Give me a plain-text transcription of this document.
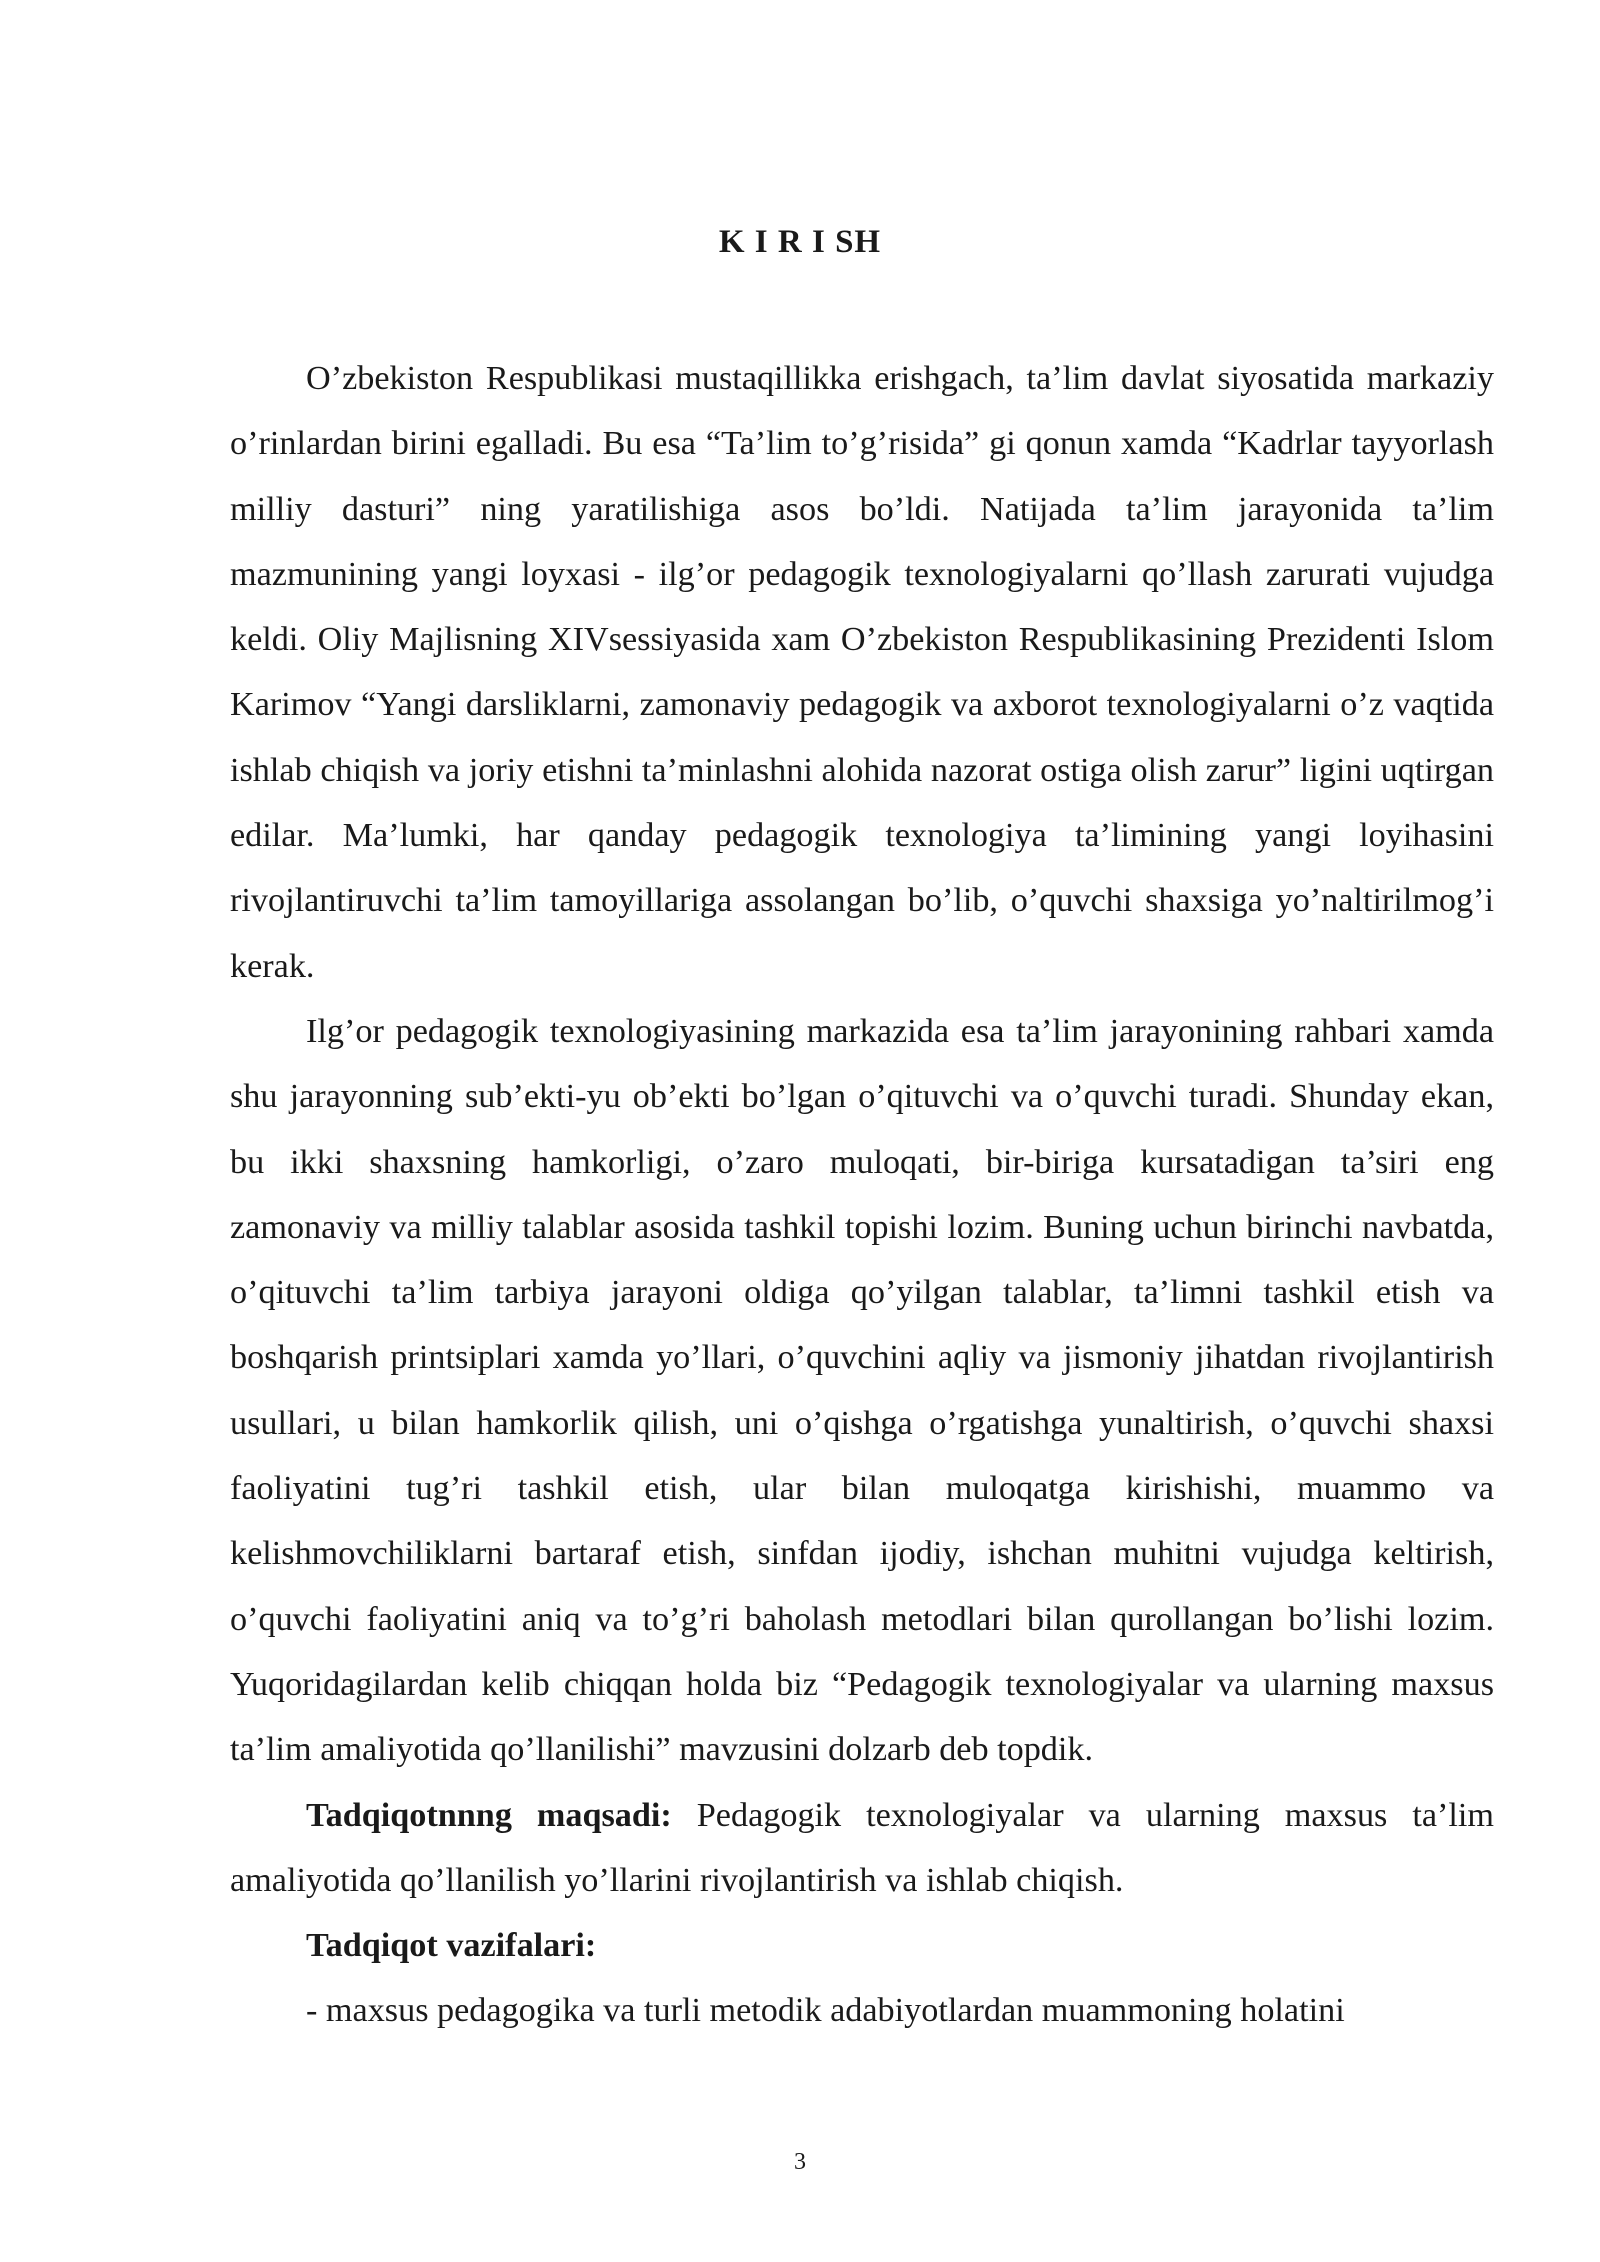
K I R I SH

O’zbekiston Respublikasi mustaqillikka erishgach, ta’lim davlat siyosatida markaziy o’rinlardan birini egalladi. Bu esa “Ta’lim to’g’risida” gi qonun xamda “Kadrlar tayyorlash milliy dasturi” ning yaratilishiga asos bo’ldi. Natijada ta’lim jarayonida ta’lim mazmunining yangi loyxasi - ilg’or pedagogik texnologiyalarni qo’llash zarurati vujudga keldi. Oliy Majlisning XIVsessiyasida xam O’zbekiston Respublikasining Prezidenti Islom Karimov “Yangi darsliklarni, zamonaviy pedagogik va axborot texnologiyalarni o’z vaqtida ishlab chiqish va joriy etishni ta’minlashni alohida nazorat ostiga olish zarur” ligini uqtirgan edilar. Ma’lumki, har qanday pedagogik texnologiya ta’limining yangi loyihasini rivojlantiruvchi ta’lim tamoyillariga assolangan bo’lib, o’quvchi shaxsiga yo’naltirilmog’i kerak.

Ilg’or pedagogik texnologiyasining markazida esa ta’lim jarayonining rahbari xamda shu jarayonning sub’ekti-yu ob’ekti bo’lgan o’qituvchi va o’quvchi turadi. Shunday ekan, bu ikki shaxsning hamkorligi, o’zaro muloqati, bir-biriga kursatadigan ta’siri eng zamonaviy va milliy talablar asosida tashkil topishi lozim. Buning uchun birinchi navbatda, o’qituvchi ta’lim tarbiya jarayoni oldiga qo’yilgan talablar, ta’limni tashkil etish va boshqarish printsiplari xamda yo’llari, o’quvchini aqliy va jismoniy jihatdan rivojlantirish usullari, u bilan hamkorlik qilish, uni o’qishga o’rgatishga yunaltirish, o’quvchi shaxsi faoliyatini tug’ri tashkil etish, ular bilan muloqatga kirishishi, muammo va kelishmovchiliklarni bartaraf etish, sinfdan ijodiy, ishchan muhitni vujudga keltirish, o’quvchi faoliyatini aniq va to’g’ri baholash metodlari bilan qurollangan bo’lishi lozim. Yuqoridagilardan kelib chiqqan holda biz “Pedagogik texnologiyalar va ularning maxsus ta’lim amaliyotida qo’llanilishi” mavzusini dolzarb deb topdik.

Tadqiqotnnng maqsadi: Pedagogik texnologiyalar va ularning maxsus ta’lim amaliyotida qo’llanilish yo’llarini rivojlantirish va ishlab chiqish.

Tadqiqot vazifalari:

- maxsus pedagogika va turli metodik adabiyotlardan muammoning holatini

3
